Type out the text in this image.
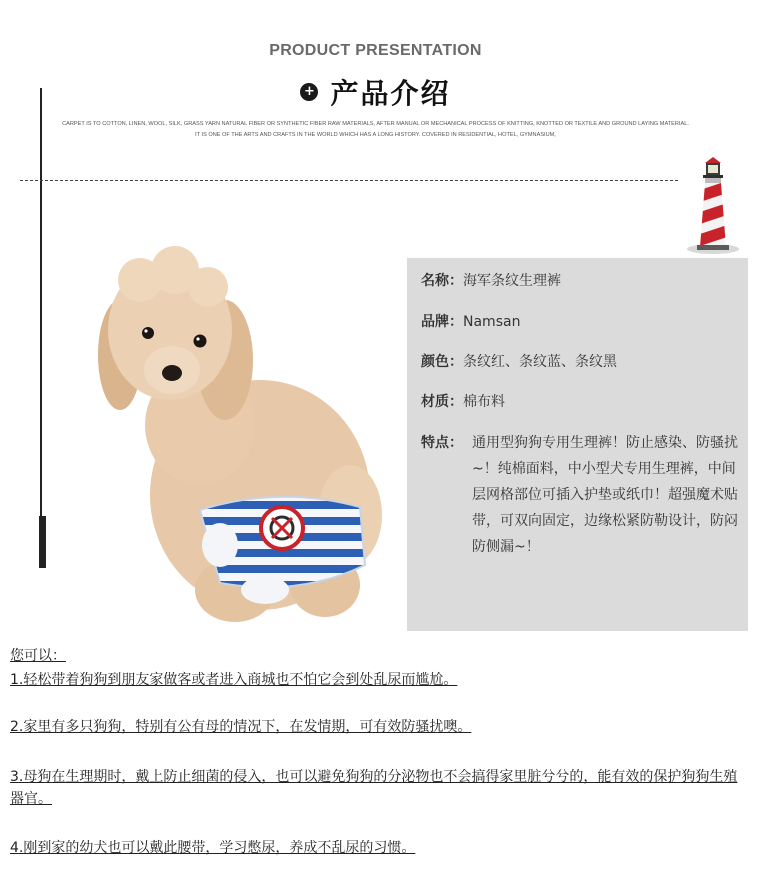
PRODUCT PRESENTATION
+ 产品介绍
CARPET IS TO COTTON, LINEN, WOOL, SILK, GRASS YARN NATURAL FIBER OR SYNTHETIC FIBER RAW MATERIALS, AFTER MANUAL OR MECHANICAL PROCESS OF KNITTING, KNOTTED OR TEXTILE AND GROUND LAYING MATERIAL. IT IS ONE OF THE ARTS AND CRAFTS IN THE WORLD WHICH HAS A LONG HISTORY. COVERED IN RESIDENTIAL, HOTEL, GYMNASIUM,
名称：海军条纹生理裤
品牌：Namsan
颜色：条纹红、条纹蓝、条纹黑
材质：棉布料
特点： 通用型狗狗专用生理裤！防止感染、防骚扰~！纯棉面料，中小型犬专用生理裤，中间层网格部位可插入护垫或纸巾！超强魔术贴带，可双向固定，边缘松紧防勒设计，防闷防侧漏~！
您可以：
1.轻松带着狗狗到朋友家做客或者进入商城也不怕它会到处乱尿而尴尬。
2.家里有多只狗狗，特别有公有母的情况下，在发情期，可有效防骚扰噢。
3.母狗在生理期时，戴上防止细菌的侵入，也可以避免狗狗的分泌物也不会搞得家里脏兮兮的，能有效的保护狗狗生殖器官。
4.刚到家的幼犬也可以戴此腰带，学习憋尿，养成不乱尿的习惯。
